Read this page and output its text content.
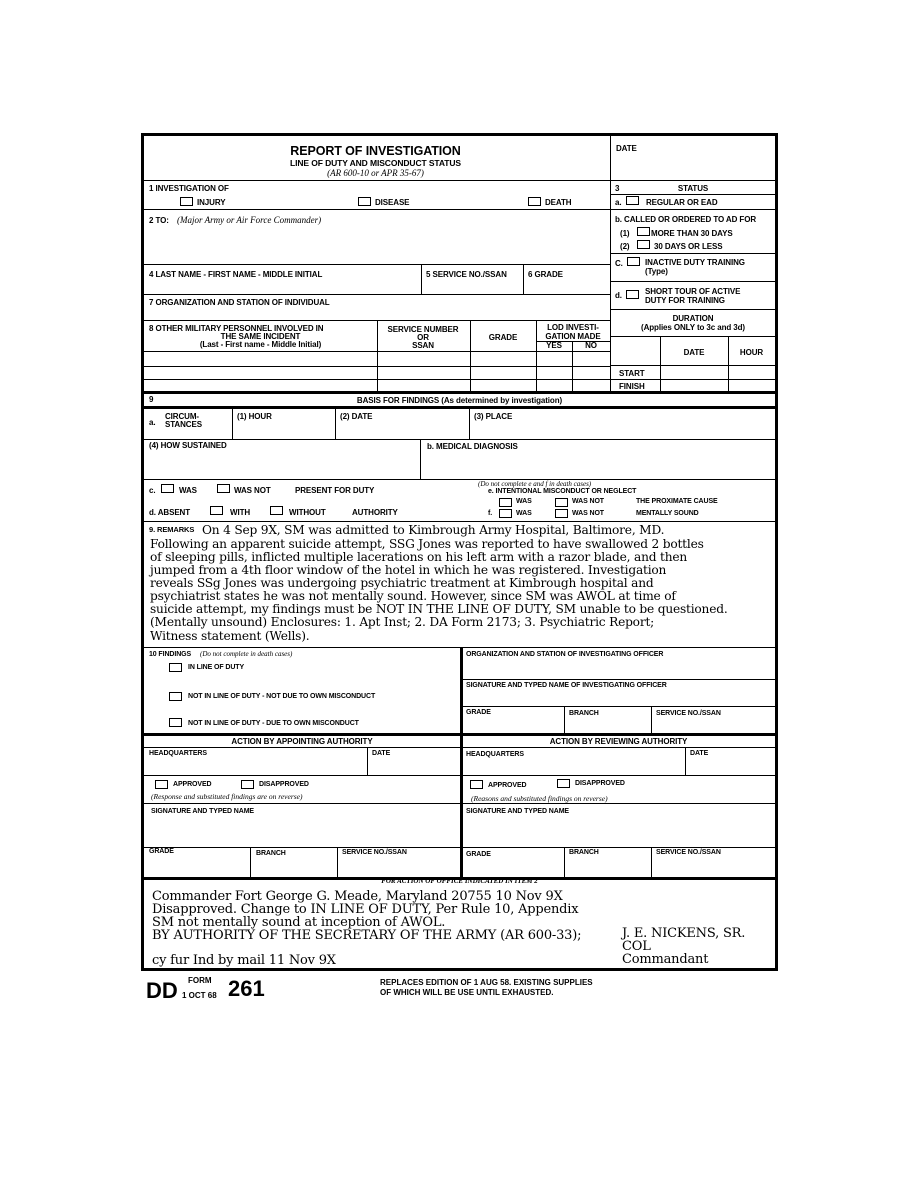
REPORT OF INVESTIGATION
LINE OF DUTY AND MISCONDUCT STATUS
(AR 600-10 or APR 35-67)
DATE
1 INVESTIGATION OF
INJURY	DISEASE	DEATH
2 TO: (Major Army or Air Force Commander)
4 LAST NAME - FIRST NAME - MIDDLE INITIAL	5 SERVICE NO./SSAN	6 GRADE
7 ORGANIZATION AND STATION OF INDIVIDUAL
8 OTHER MILITARY PERSONNEL INVOLVED IN
THE SAME INCIDENT
(Last - First name - Middle Initial)
SERVICE NUMBER
OR
SSAN
GRADE
LOD INVESTI-
GATION MADE
YES	NO
3	STATUS
a.	REGULAR OR EAD
b. CALLED OR ORDERED TO AD FOR
(1)	MORE THAN 30 DAYS
(2)	30 DAYS OR LESS
C.	INACTIVE DUTY TRAINING
(Type)
d.	SHORT TOUR OF ACTIVE
DUTY FOR TRAINING
DURATION
(Applies ONLY to 3c and 3d)
DATE	HOUR
START
FINISH
9	BASIS FOR FINDINGS (As determined by investigation)
a.
CIRCUM-
STANCES
(1) HOUR	(2) DATE	(3) PLACE
(4) HOW SUSTAINED	b. MEDICAL DIAGNOSIS
c.	WAS	WAS NOT	PRESENT FOR DUTY
d. ABSENT	WITH	WITHOUT	AUTHORITY
(Do not complete e and f in death cases)
e. INTENTIONAL MISCONDUCT OR NEGLECT
WAS	WAS NOT	THE PROXIMATE CAUSE
f.	WAS	WAS NOT	MENTALLY SOUND
9. REMARKS On 4 Sep 9X, SM was admitted to Kimbrough Army Hospital, Baltimore, MD.
Following an apparent suicide attempt, SSG Jones was reported to have swallowed 2 bottles
of sleeping pills, inflicted multiple lacerations on his left arm with a razor blade, and then
jumped from a 4th floor window of the hotel in which he was registered. Investigation
reveals SSg Jones was undergoing psychiatric treatment at Kimbrough hospital and
psychiatrist states he was not mentally sound. However, since SM was AWOL at time of
suicide attempt, my findings must be NOT IN THE LINE OF DUTY, SM unable to be questioned.
(Mentally unsound) Enclosures: 1. Apt Inst; 2. DA Form 2173; 3. Psychiatric Report;
Witness statement (Wells).
10 FINDINGS (Do not complete in death cases)
IN LINE OF DUTY
NOT IN LINE OF DUTY - NOT DUE TO OWN MISCONDUCT
NOT IN LINE OF DUTY - DUE TO OWN MISCONDUCT
ORGANIZATION AND STATION OF INVESTIGATING OFFICER
SIGNATURE AND TYPED NAME OF INVESTIGATING OFFICER
GRADE	BRANCH	SERVICE NO./SSAN
ACTION BY APPOINTING AUTHORITY	ACTION BY REVIEWING AUTHORITY
HEADQUARTERS	DATE	HEADQUARTERS	DATE
APPROVED	DISAPPROVED
(Response and substituted findings are on reverse)
APPROVED	DISAPPROVED
(Reasons and substituted findings on reverse)
SIGNATURE AND TYPED NAME	SIGNATURE AND TYPED NAME
GRADE	BRANCH	SERVICE NO./SSAN	GRADE	BRANCH	SERVICE NO./SSAN
FOR ACTION OF OFFICE INDICATED IN ITEM 2
Commander Fort George G. Meade, Maryland 20755 10 Nov 9X
Disapproved. Change to IN LINE OF DUTY, Per Rule 10, Appendix
SM not mentally sound at inception of AWOL.
BY AUTHORITY OF THE SECRETARY OF THE ARMY (AR 600-33);
cy fur Ind by mail 11 Nov 9X
J. E. NICKENS, SR.
COL
Commandant
DD FORM
1 OCT 68 261	REPLACES EDITION OF 1 AUG 58. EXISTING SUPPLIES
OF WHICH WILL BE USE UNTIL EXHAUSTED.
